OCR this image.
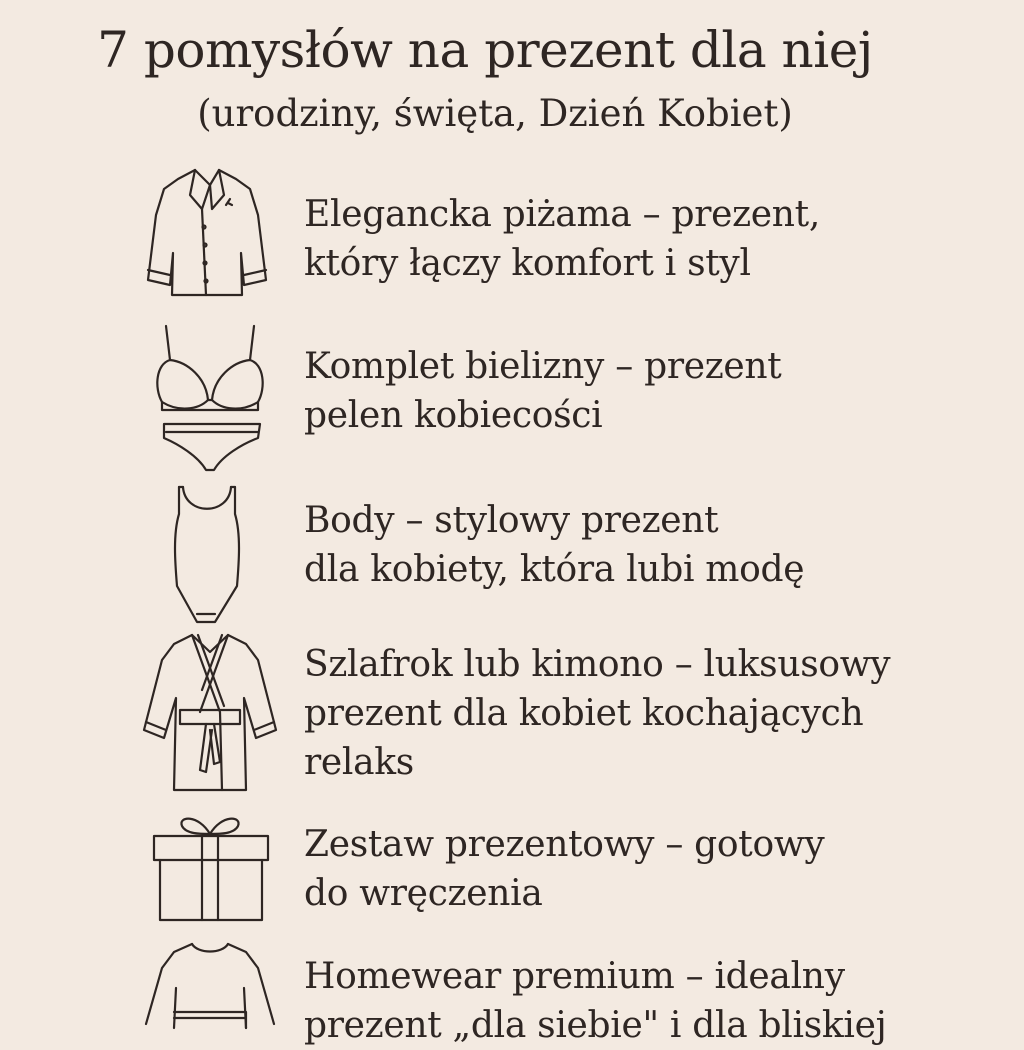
7 pomysłów na prezent dla niej
(urodziny, święta, Dzień Kobiet)
Elegancka piżama – prezent,
który łączy komfort i styl
Komplet bielizny – prezent
pelen kobiecości
Body – stylowy prezent
dla kobiety, która lubi modę
Szlafrok lub kimono – luksusowy
prezent dla kobiet kochających
relaks
Zestaw prezentowy – gotowy
do wręczenia
Homewear premium – idealny
prezent „dla siebie" i dla bliskiej
